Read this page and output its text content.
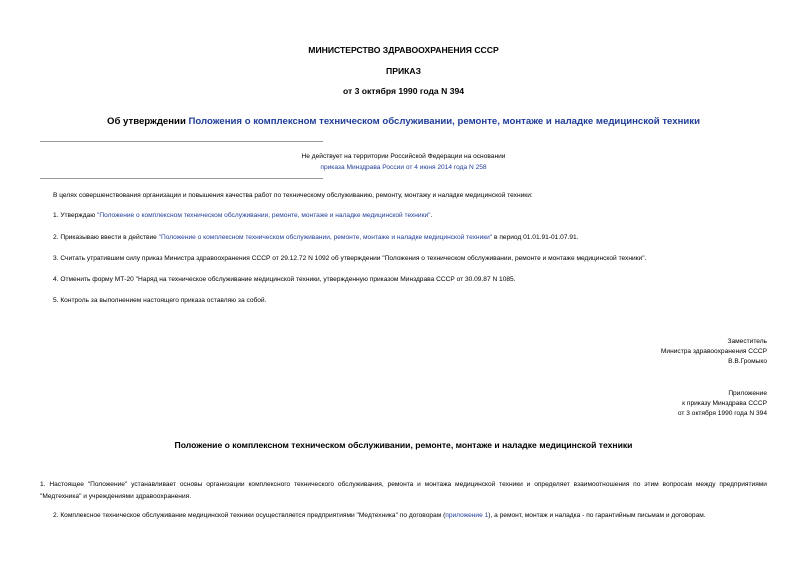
МИНИСТЕРСТВО ЗДРАВООХРАНЕНИЯ СССР
ПРИКАЗ
от 3 октября 1990 года N 394
Об утверждении Положения о комплексном техническом обслуживании, ремонте, монтаже и наладке медицинской техники
Не действует на территории Российской Федерации на основании
приказа Минздрава России от 4 июня 2014 года N 258
В целях совершенствования организации и повышения качества работ по техническому обслуживанию, ремонту, монтажу и наладке медицинской техники:
1. Утверждаю "Положение о комплексном техническом обслуживании, ремонте, монтаже и наладке медицинской техники".
2. Приказываю ввести в действие "Положение о комплексном техническом обслуживании, ремонте, монтаже и наладке медицинской техники" в период 01.01.91-01.07.91.
3. Считать утратившим силу приказ Министра здравоохранения СССР от 29.12.72 N 1092 об утверждении "Положения о техническом обслуживании, ремонте и монтаже медицинской техники".
4. Отменить форму МТ-20 "Наряд на техническое обслуживание медицинской техники, утвержденную приказом Минздрава СССР от 30.09.87 N 1085.
5. Контроль за выполнением настоящего приказа оставляю за собой.
Заместитель
Министра здравоохранения СССР
В.В.Громыко
Приложение
к приказу Минздрава СССР
от 3 октября 1990 года N 394
Положение о комплексном техническом обслуживании, ремонте, монтаже и наладке медицинской техники
1. Настоящее "Положение" устанавливает основы организации комплексного технического обслуживания, ремонта и монтажа медицинской техники и определяет взаимоотношения по этим вопросам между предприятиями "Медтехника" и учреждениями здравоохранения.
2. Комплексное техническое обслуживание медицинской техники осуществляется предприятиями "Медтехника" по договорам (приложение 1), а ремонт, монтаж и наладка - по гарантийным письмам и договорам.
